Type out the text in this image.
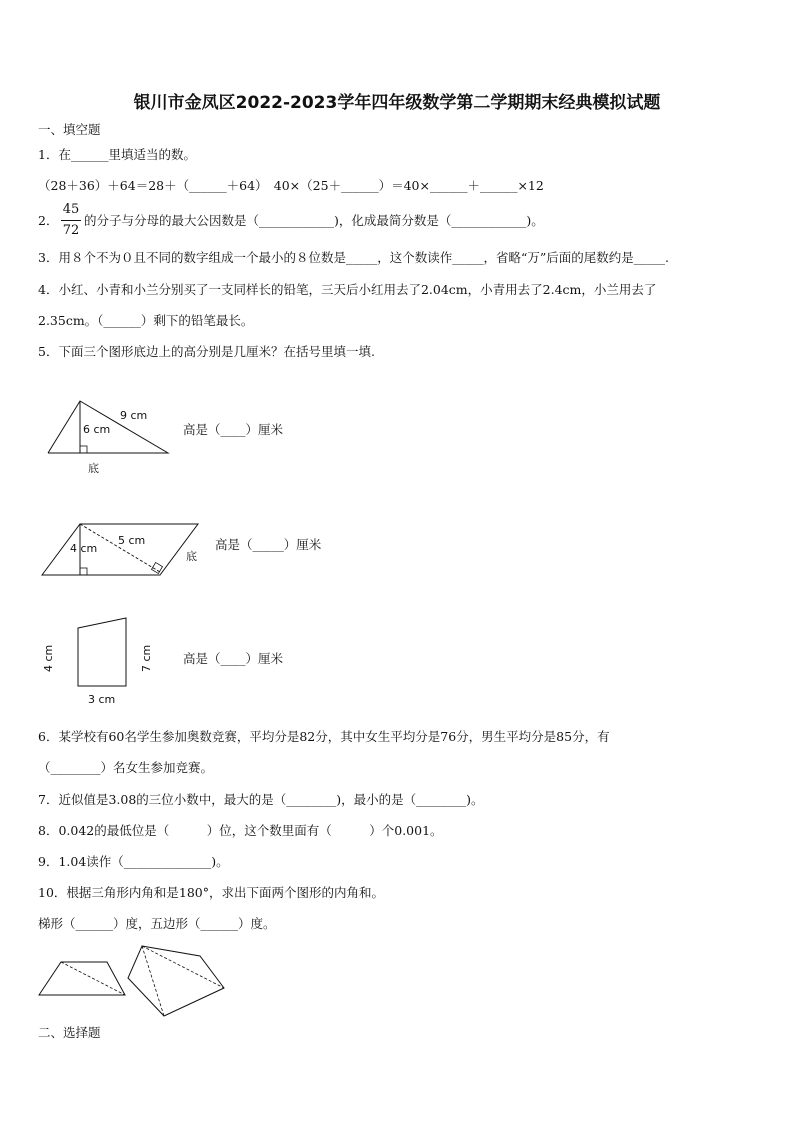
银川市金凤区2022-2023学年四年级数学第二学期期末经典模拟试题
一、填空题
1．在______里填适当的数。
（28＋36）＋64＝28＋（______＋64）　40×（25＋______）＝40×______＋______×12
2．
45
72
的分子与分母的最大公因数是（____________)，化成最简分数是（____________)。
3．用８个不为０且不同的数字组成一个最小的８位数是_____，这个数读作_____，省略“万”后面的尾数约是_____.
4．小红、小青和小兰分别买了一支同样长的铅笔，三天后小红用去了2.04cm，小青用去了2.4cm，小兰用去了
2.35cm。（______）剩下的铅笔最长。
5．下面三个图形底边上的高分别是几厘米？在括号里填一填.
9 cm
6 cm
底
高是（____）厘米
4 cm
5 cm
底
高是（_____）厘米
4 cm	7 cm
3 cm
高是（____）厘米
6．某学校有60名学生参加奥数竞赛，平均分是82分，其中女生平均分是76分，男生平均分是85分，有
（________）名女生参加竞赛。
7．近似值是3.08的三位小数中，最大的是（________)，最小的是（________)。
8．0.042的最低位是（　　　）位，这个数里面有（　　　）个0.001。
9．1.04读作（______________)。
10．根据三角形内角和是180°，求出下面两个图形的内角和。
梯形（______）度，五边形（______）度。
二、选择题
